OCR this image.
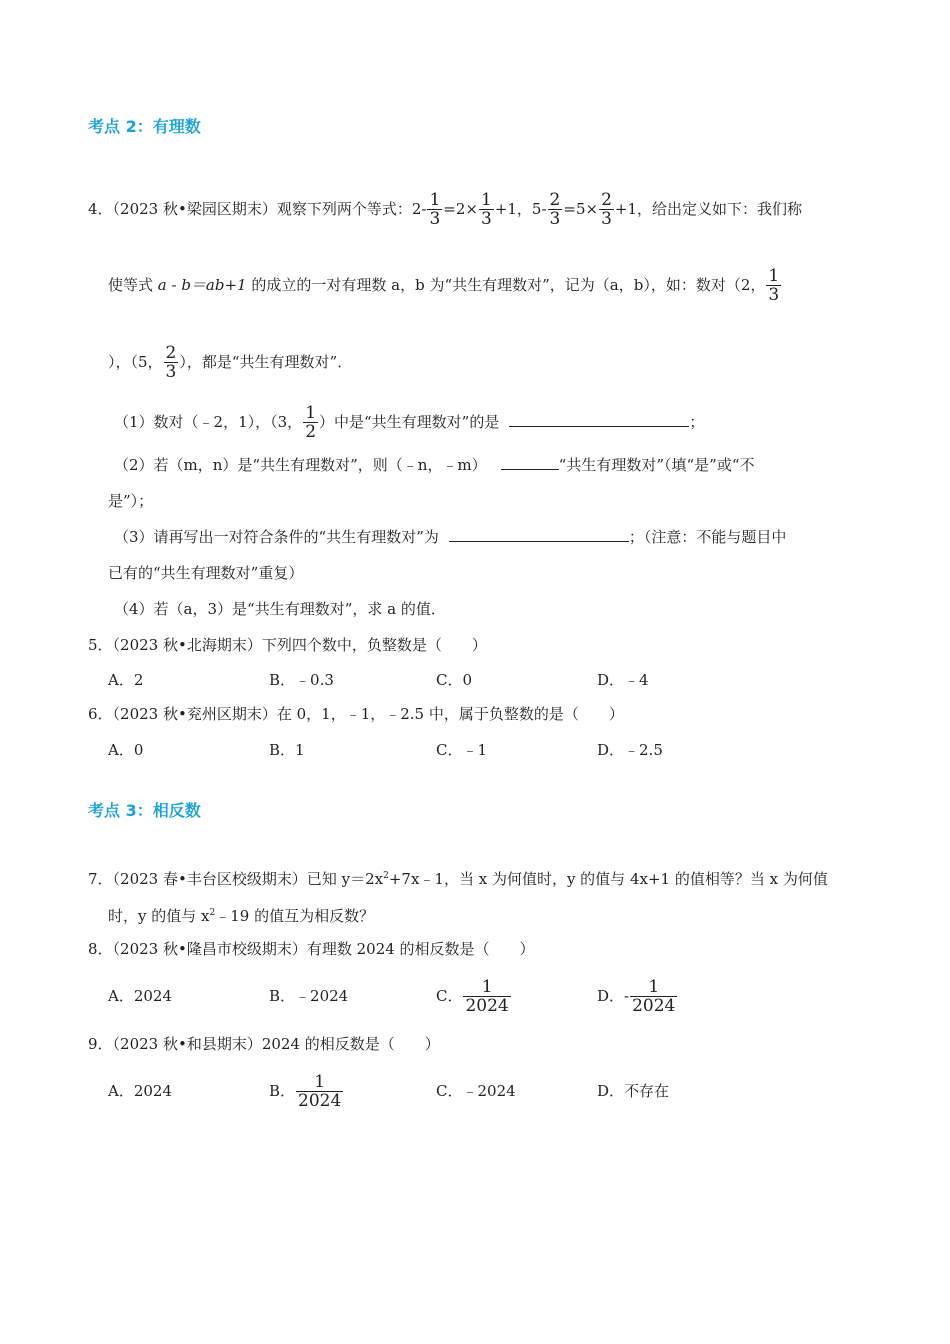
考点 2：有理数
4．（2023 秋•梁园区期末）观察下列两个等式：$2- \frac{1}{3} =2\times \frac{1}{3} +1$，$5- \frac{2}{3} =5\times \frac{2}{3} +1$，给出定义如下：我们称
使等式 a - b＝ab+1 的成立的一对有理数 a，b 为“共生有理数对”，记为（a，b），如：数对（2， $\frac{1}{3}$
），（5， $\frac{2}{3}$ ），都是“共生有理数对”．
（1）数对（﹣2，1），（3， $\frac{1}{2}$ ）中是“共生有理数对”的是	；
（2）若（m，n）是“共生有理数对”，则（﹣n，﹣m）	“共生有理数对”（填“是”或“不
是”）；
（3）请再写出一对符合条件的“共生有理数对”为	；（注意：不能与题目中
已有的“共生有理数对”重复）
（4）若（a，3）是“共生有理数对”，求 a 的值．
5．（2023 秋•北海期末）下列四个数中，负整数是（　　）
A．2	B．﹣0.3	C．0	D．﹣4
6．（2023 秋•兖州区期末）在 0，1，﹣1，﹣2.5 中，属于负整数的是（　　）
A．0	B．1	C．﹣1	D．﹣2.5
考点 3：相反数
7．（2023 春•丰台区校级期末）已知 $y=2x^2+7x﹣1$，当 x 为何值时，y 的值与 4x+1 的值相等？当 x 为何值
时，y 的值与 $x^2﹣19$ 的值互为相反数？
8．（2023 秋•隆昌市校级期末）有理数 2024 的相反数是（　　）
A．2024	B．﹣2024	C． $\frac{1}{2024}$	D．- $\frac{1}{2024}$
9．（2023 秋•和县期末）2024 的相反数是（　　）
A．2024	B． $\frac{1}{2024}$	C．﹣2024	D．不存在
